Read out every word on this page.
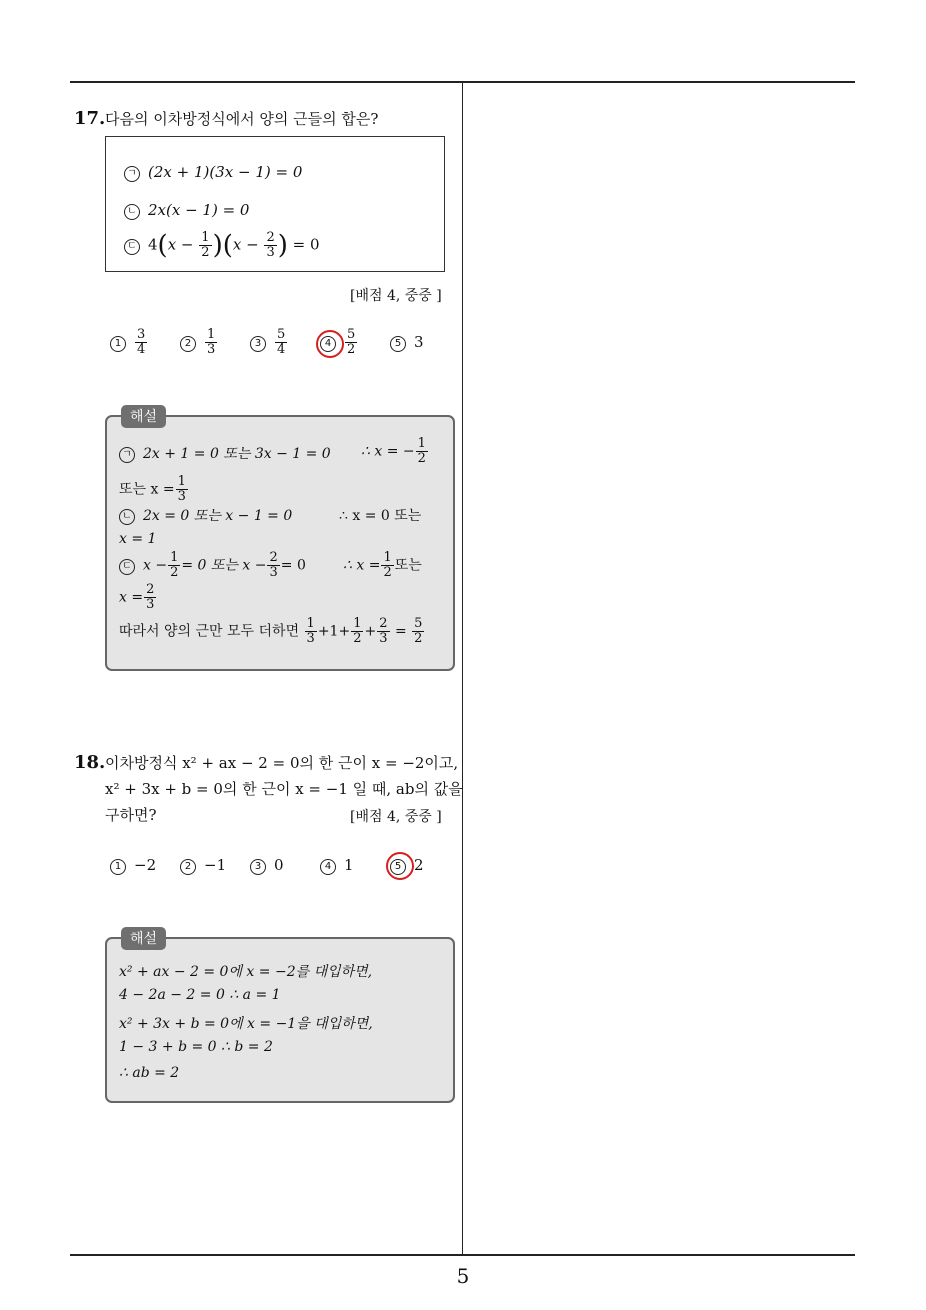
5
17. 다음의 이차방정식에서 양의 근들의 합은?
ㄱ (2x + 1)(3x − 1) = 0
ㄴ 2x(x − 1) = 0
ㄷ $4(x - \frac{1}{2} )(x - \frac{2}{3}$ ) = 0
[배점 4, 중중 ]
$1 \frac{3}{4}$	$2 \frac{1}{3}$	$3 \frac{5}{4}$	$4 \frac{5}{2}$	5 3
해설
ㄱ 2x + 1 = 0 또는 3x − 1 = 0 ∴ x = − $\frac{1}{2}$
또는 $x = \frac{1}{3}$
ㄴ 2x = 0 또는 x − 1 = 0	∴ x = 0 또는
x = 1
ㄷ $x - \frac{1}{2} = 0$ 또는 $x - \frac{2}{3} = 0$	∴ $x = \frac{1}{2}$ 또는
$x = \frac{2}{3}$
따라서 양의 근만 모두 더하면 $\frac{1}{3} +1+ \frac{1}{2} + \frac{2}{3} = \frac{5}{2}$
18. 이차방정식 x² + ax − 2 = 0의 한 근이 x = −2이고,
x² + 3x + b = 0의 한 근이 x = −1 일 때, ab의 값을
구하면?	[배점 4, 중중 ]
1 −2	2 −1	3 0	4 1	5 2
해설
x² + ax − 2 = 0에 x = −2를 대입하면,
4 − 2a − 2 = 0 ∴ a = 1
x² + 3x + b = 0에 x = −1을 대입하면,
1 − 3 + b = 0 ∴ b = 2
∴ ab = 2
